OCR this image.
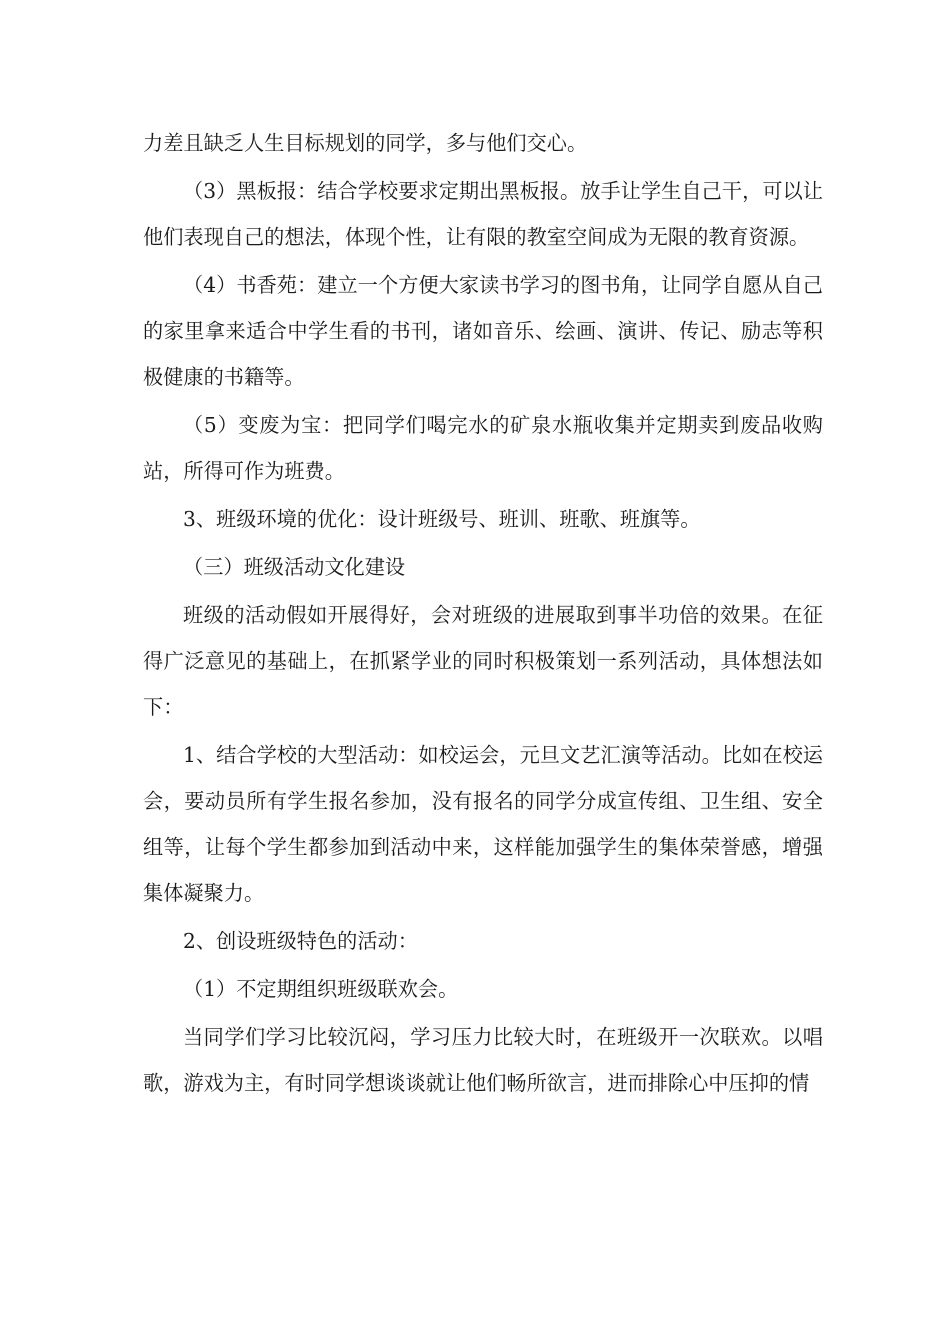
力差且缺乏人生目标规划的同学，多与他们交心。

（3）黑板报：结合学校要求定期出黑板报。放手让学生自己干，可以让他们表现自己的想法，体现个性，让有限的教室空间成为无限的教育资源。

（4）书香苑：建立一个方便大家读书学习的图书角，让同学自愿从自己的家里拿来适合中学生看的书刊，诸如音乐、绘画、演讲、传记、励志等积极健康的书籍等。

（5）变废为宝：把同学们喝完水的矿泉水瓶收集并定期卖到废品收购站，所得可作为班费。

3、班级环境的优化：设计班级号、班训、班歌、班旗等。

（三）班级活动文化建设

班级的活动假如开展得好，会对班级的进展取到事半功倍的效果。在征得广泛意见的基础上，在抓紧学业的同时积极策划一系列活动，具体想法如下：

1、结合学校的大型活动：如校运会，元旦文艺汇演等活动。比如在校运会，要动员所有学生报名参加，没有报名的同学分成宣传组、卫生组、安全组等，让每个学生都参加到活动中来，这样能加强学生的集体荣誉感，增强集体凝聚力。

2、创设班级特色的活动：

（1）不定期组织班级联欢会。

当同学们学习比较沉闷，学习压力比较大时，在班级开一次联欢。以唱歌，游戏为主，有时同学想谈谈就让他们畅所欲言，进而排除心中压抑的情
